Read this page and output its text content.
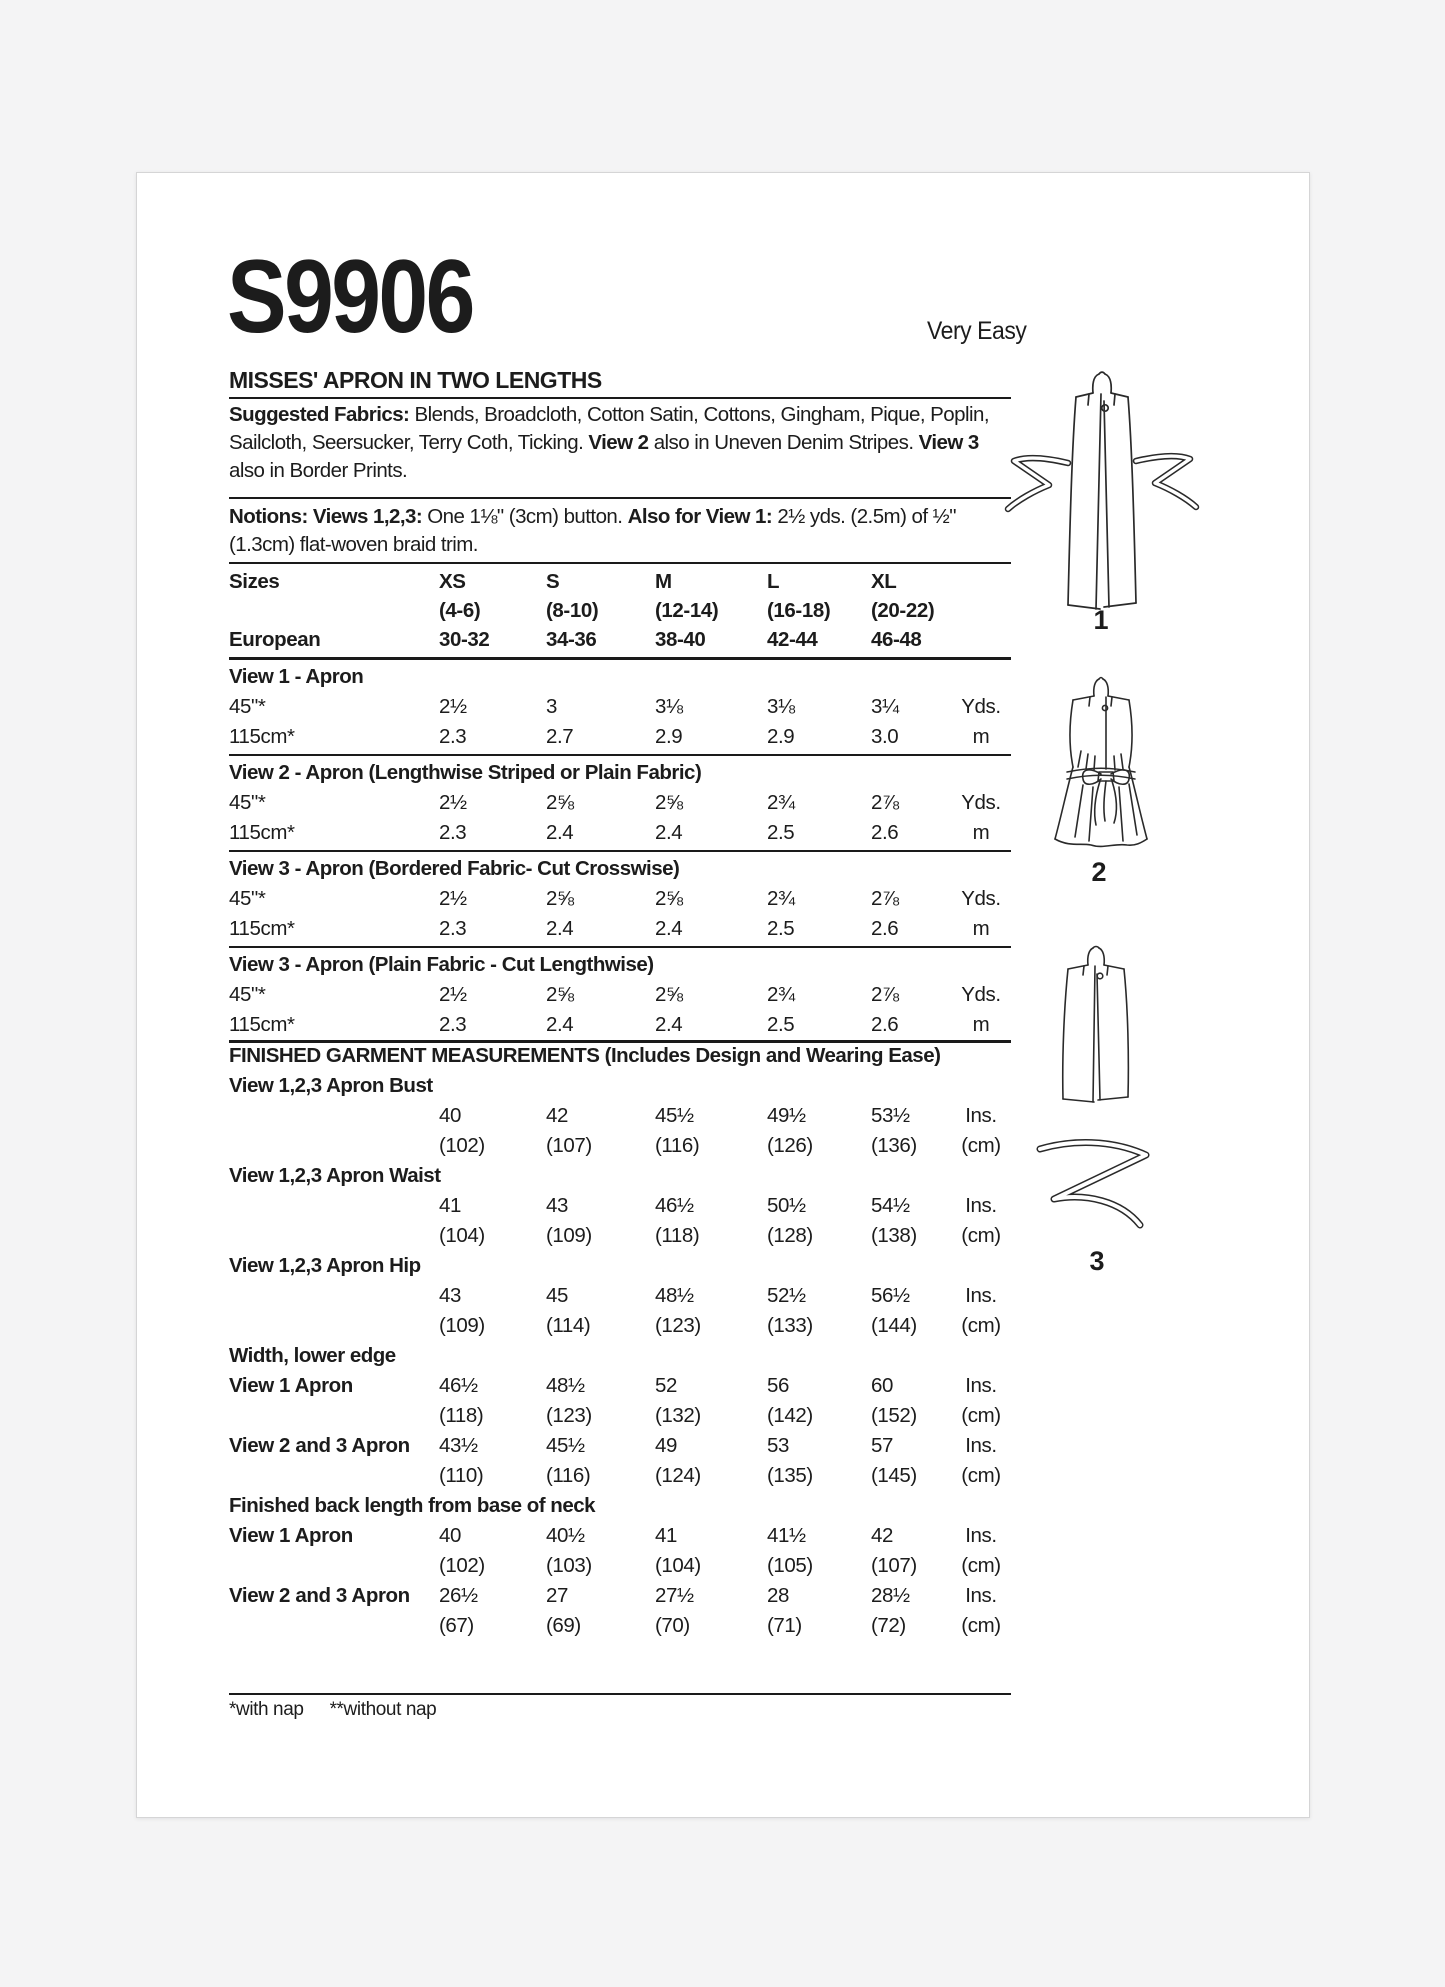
S9906	Very Easy
MISSES' APRON IN TWO LENGTHS
Suggested Fabrics: Blends, Broadcloth, Cotton Satin, Cottons, Gingham, Pique, Poplin,
Sailcloth, Seersucker, Terry Coth, Ticking. View 2 also in Uneven Denim Stripes. View 3
also in Border Prints.
Notions: Views 1,2,3: One 1⅛" (3cm) button. Also for View 1: 2½ yds. (2.5m) of ½"
(1.3cm) flat-woven braid trim.
Sizes	XS	S	M	L	XL
(4-6)	(8-10)	(12-14)	(16-18)	(20-22)
European	30-32	34-36	38-40	42-44	46-48
View 1 - Apron
45"*	2½	3	3⅛	3⅛	3¼	Yds.
115cm*	2.3	2.7	2.9	2.9	3.0	m
View 2 - Apron (Lengthwise Striped or Plain Fabric)
45"*	2½	2⅝	2⅝	2¾	2⅞	Yds.
115cm*	2.3	2.4	2.4	2.5	2.6	m
View 3 - Apron (Bordered Fabric- Cut Crosswise)
45"*	2½	2⅝	2⅝	2¾	2⅞	Yds.
115cm*	2.3	2.4	2.4	2.5	2.6	m
View 3 - Apron (Plain Fabric - Cut Lengthwise)
45"*	2½	2⅝	2⅝	2¾	2⅞	Yds.
115cm*	2.3	2.4	2.4	2.5	2.6	m
FINISHED GARMENT MEASUREMENTS (Includes Design and Wearing Ease)
View 1,2,3 Apron Bust
40	42	45½	49½	53½	Ins.
(102)	(107)	(116)	(126)	(136)	(cm)
View 1,2,3 Apron Waist
41	43	46½	50½	54½	Ins.
(104)	(109)	(118)	(128)	(138)	(cm)
View 1,2,3 Apron Hip
43	45	48½	52½	56½	Ins.
(109)	(114)	(123)	(133)	(144)	(cm)
Width, lower edge
View 1 Apron	46½	48½	52	56	60	Ins.
(118)	(123)	(132)	(142)	(152)	(cm)
View 2 and 3 Apron	43½	45½	49	53	57	Ins.
(110)	(116)	(124)	(135)	(145)	(cm)
Finished back length from base of neck
View 1 Apron	40	40½	41	41½	42	Ins.
(102)	(103)	(104)	(105)	(107)	(cm)
View 2 and 3 Apron	26½	27	27½	28	28½	Ins.
(67)	(69)	(70)	(71)	(72)	(cm)
*with nap **without nap
1
2
3
